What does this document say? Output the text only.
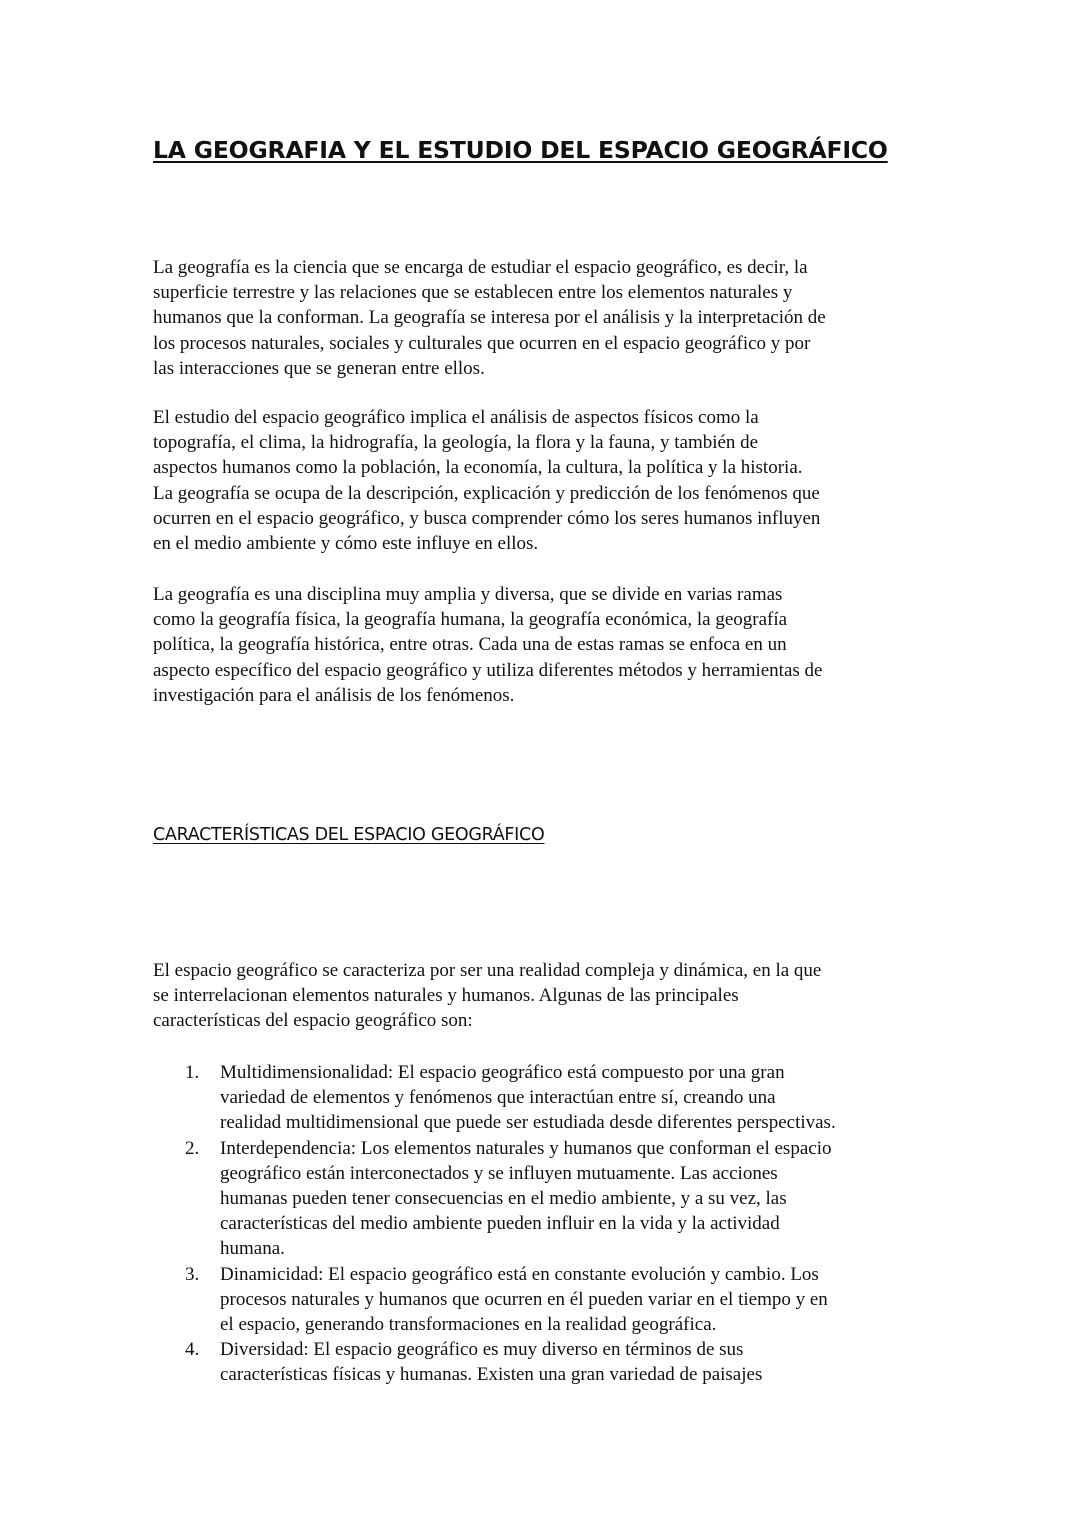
LA GEOGRAFIA Y EL ESTUDIO DEL ESPACIO GEOGRÁFICO

La geografía es la ciencia que se encarga de estudiar el espacio geográfico, es decir, la
superficie terrestre y las relaciones que se establecen entre los elementos naturales y
humanos que la conforman. La geografía se interesa por el análisis y la interpretación de
los procesos naturales, sociales y culturales que ocurren en el espacio geográfico y por
las interacciones que se generan entre ellos.

El estudio del espacio geográfico implica el análisis de aspectos físicos como la
topografía, el clima, la hidrografía, la geología, la flora y la fauna, y también de
aspectos humanos como la población, la economía, la cultura, la política y la historia.
La geografía se ocupa de la descripción, explicación y predicción de los fenómenos que
ocurren en el espacio geográfico, y busca comprender cómo los seres humanos influyen
en el medio ambiente y cómo este influye en ellos.

La geografía es una disciplina muy amplia y diversa, que se divide en varias ramas
como la geografía física, la geografía humana, la geografía económica, la geografía
política, la geografía histórica, entre otras. Cada una de estas ramas se enfoca en un
aspecto específico del espacio geográfico y utiliza diferentes métodos y herramientas de
investigación para el análisis de los fenómenos.

CARACTERÍSTICAS DEL ESPACIO GEOGRÁFICO

El espacio geográfico se caracteriza por ser una realidad compleja y dinámica, en la que
se interrelacionan elementos naturales y humanos. Algunas de las principales
características del espacio geográfico son:

1. Multidimensionalidad: El espacio geográfico está compuesto por una gran
variedad de elementos y fenómenos que interactúan entre sí, creando una
realidad multidimensional que puede ser estudiada desde diferentes perspectivas.
2. Interdependencia: Los elementos naturales y humanos que conforman el espacio
geográfico están interconectados y se influyen mutuamente. Las acciones
humanas pueden tener consecuencias en el medio ambiente, y a su vez, las
características del medio ambiente pueden influir en la vida y la actividad
humana.
3. Dinamicidad: El espacio geográfico está en constante evolución y cambio. Los
procesos naturales y humanos que ocurren en él pueden variar en el tiempo y en
el espacio, generando transformaciones en la realidad geográfica.
4. Diversidad: El espacio geográfico es muy diverso en términos de sus
características físicas y humanas. Existen una gran variedad de paisajes
